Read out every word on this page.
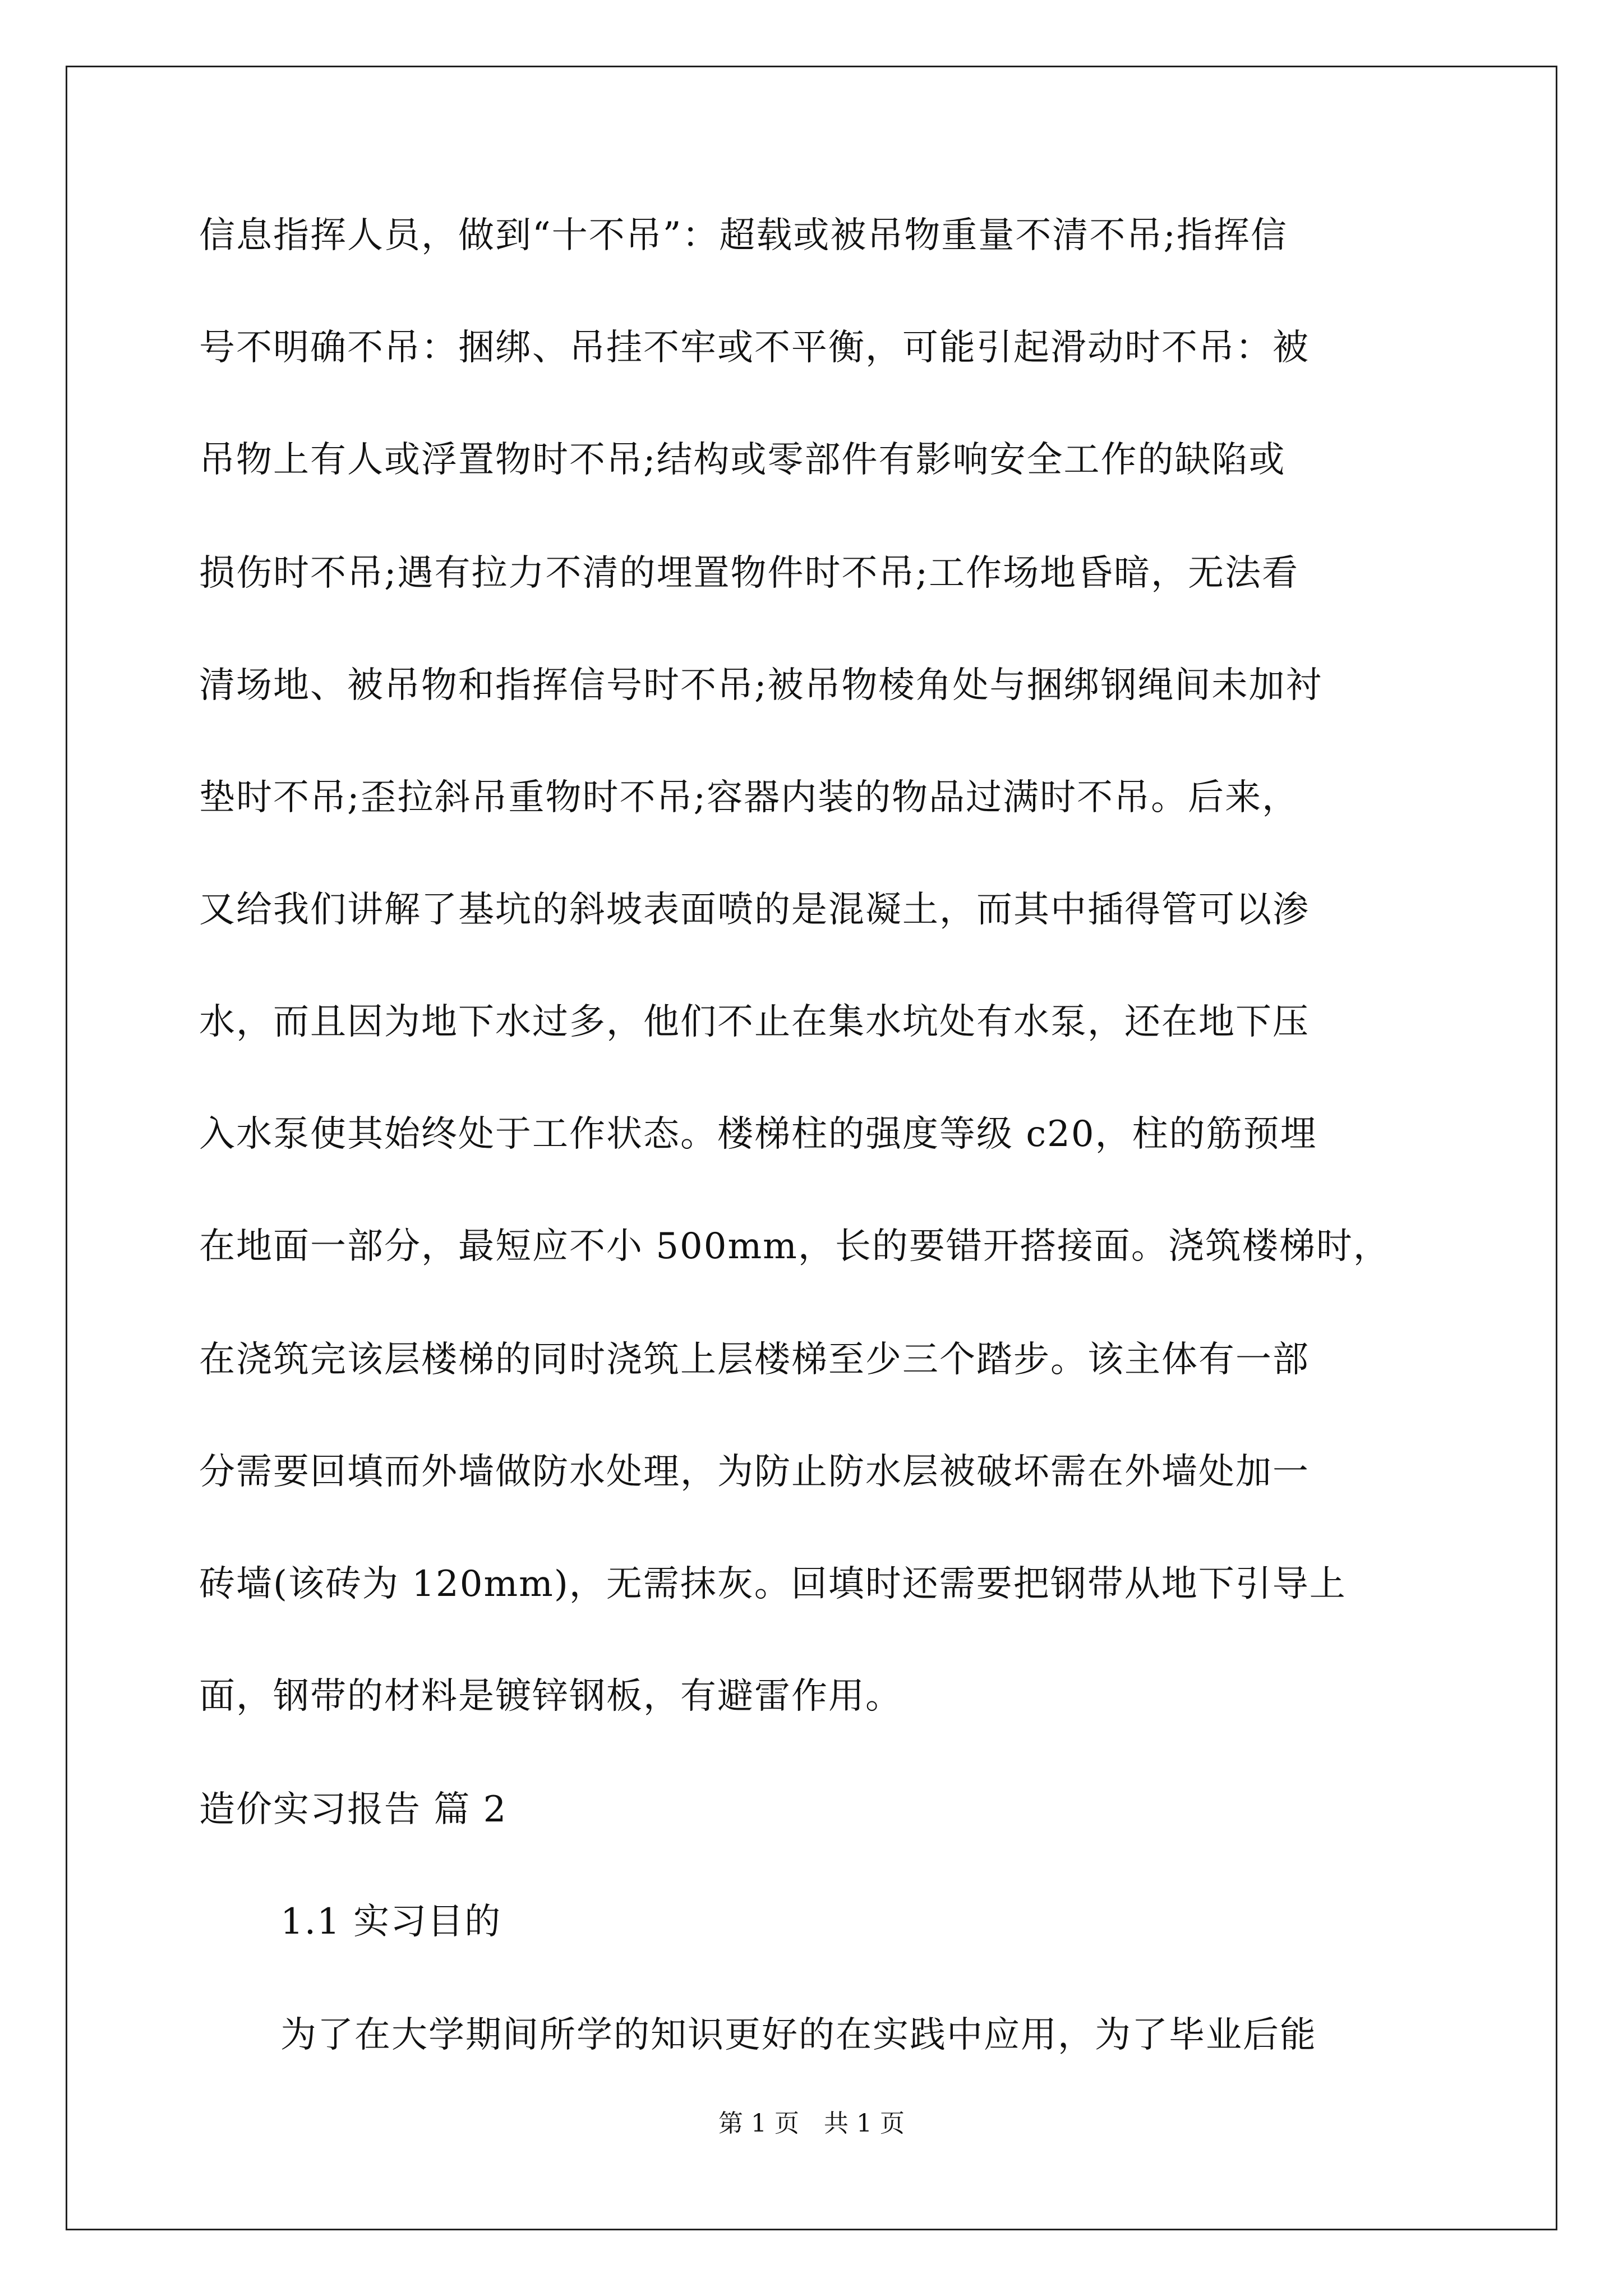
信息指挥人员，做到“十不吊”：超载或被吊物重量不清不吊;指挥信
号不明确不吊：捆绑、吊挂不牢或不平衡，可能引起滑动时不吊：被
吊物上有人或浮置物时不吊;结构或零部件有影响安全工作的缺陷或
损伤时不吊;遇有拉力不清的埋置物件时不吊;工作场地昏暗，无法看
清场地、被吊物和指挥信号时不吊;被吊物棱角处与捆绑钢绳间未加衬
垫时不吊;歪拉斜吊重物时不吊;容器内装的物品过满时不吊。后来，
又给我们讲解了基坑的斜坡表面喷的是混凝土，而其中插得管可以渗
水，而且因为地下水过多，他们不止在集水坑处有水泵，还在地下压
入水泵使其始终处于工作状态。楼梯柱的强度等级 c20，柱的筋预埋
在地面一部分，最短应不小 500mm，长的要错开搭接面。浇筑楼梯时，
在浇筑完该层楼梯的同时浇筑上层楼梯至少三个踏步。该主体有一部
分需要回填而外墙做防水处理，为防止防水层被破坏需在外墙处加一
砖墙(该砖为 120mm)，无需抹灰。回填时还需要把钢带从地下引导上
面，钢带的材料是镀锌钢板，有避雷作用。
造价实习报告 篇 2
1.1 实习目的
为了在大学期间所学的知识更好的在实践中应用，为了毕业后能
第 1 页　共 1 页
